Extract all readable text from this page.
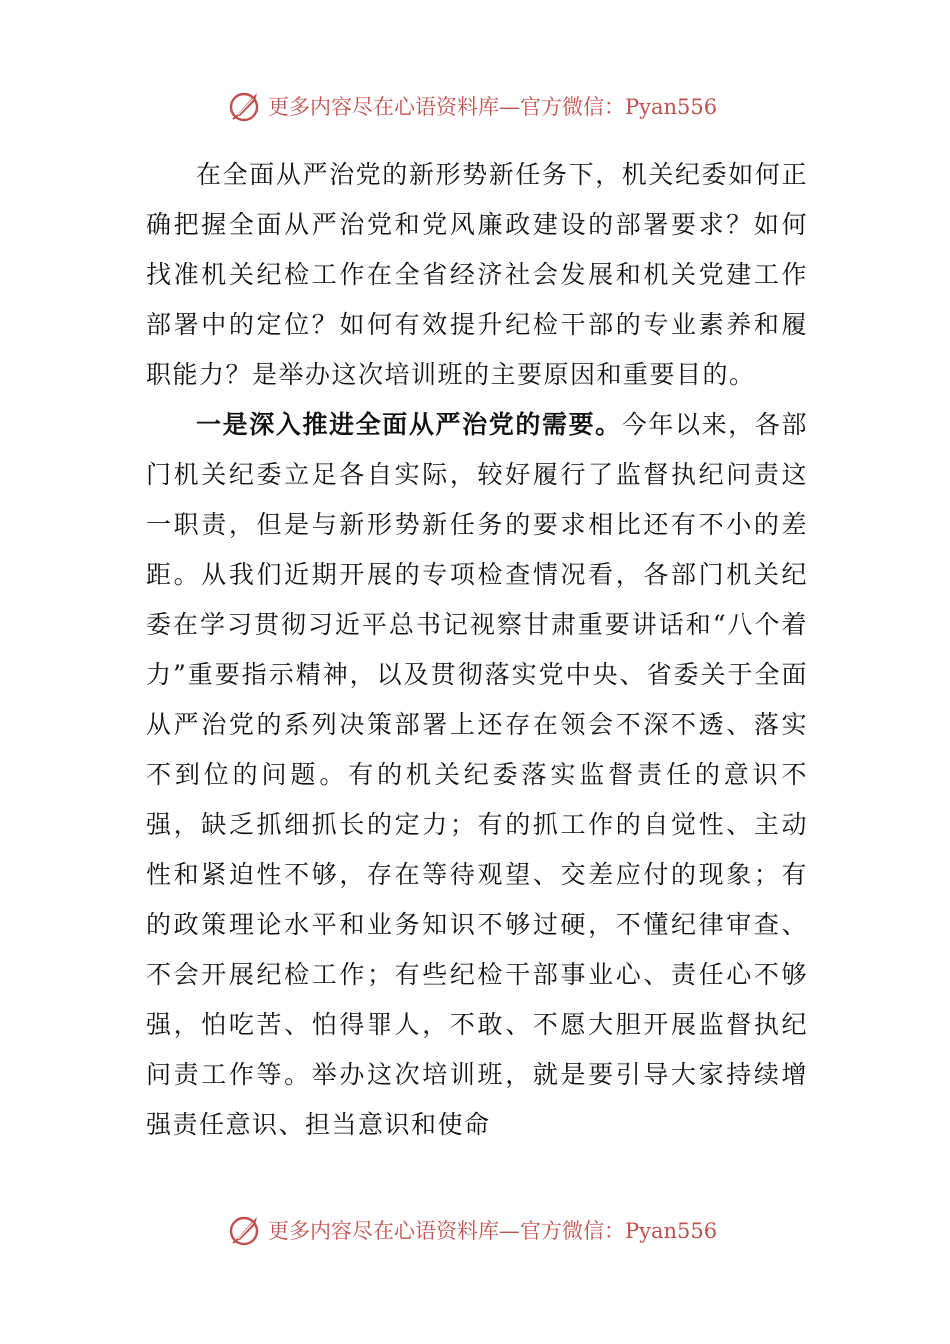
更多内容尽在心语资料库—官方微信：Pyan556

在全面从严治党的新形势新任务下，机关纪委如何正确把握全面从严治党和党风廉政建设的部署要求？如何找准机关纪检工作在全省经济社会发展和机关党建工作部署中的定位？如何有效提升纪检干部的专业素养和履职能力？是举办这次培训班的主要原因和重要目的。

一是深入推进全面从严治党的需要。今年以来，各部门机关纪委立足各自实际，较好履行了监督执纪问责这一职责，但是与新形势新任务的要求相比还有不小的差距。从我们近期开展的专项检查情况看，各部门机关纪委在学习贯彻习近平总书记视察甘肃重要讲话和“八个着力”重要指示精神，以及贯彻落实党中央、省委关于全面从严治党的系列决策部署上还存在领会不深不透、落实不到位的问题。有的机关纪委落实监督责任的意识不强，缺乏抓细抓长的定力；有的抓工作的自觉性、主动性和紧迫性不够，存在等待观望、交差应付的现象；有的政策理论水平和业务知识不够过硬，不懂纪律审查、不会开展纪检工作；有些纪检干部事业心、责任心不够强，怕吃苦、怕得罪人，不敢、不愿大胆开展监督执纪问责工作等。举办这次培训班，就是要引导大家持续增强责任意识、担当意识和使命

更多内容尽在心语资料库—官方微信：Pyan556
